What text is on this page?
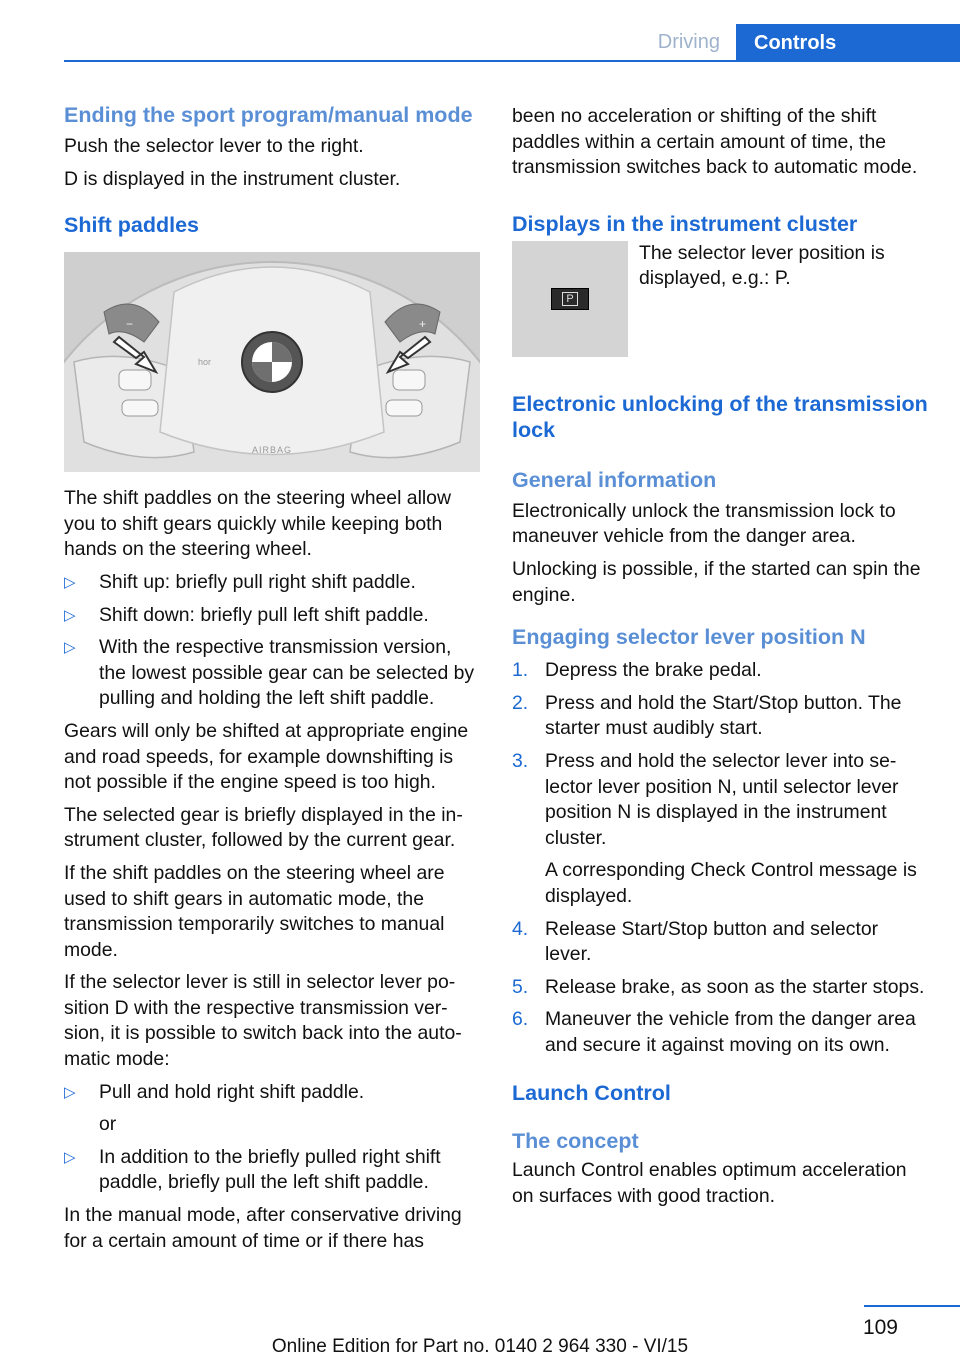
Driving	Controls
Ending the sport program/manual mode

Push the selector lever to the right.

D is displayed in the instrument cluster.

Shift paddles
−	+
hor
AIRBAG

The shift paddles on the steering wheel allow you to shift gears quickly while keeping both hands on the steering wheel.

▷ Shift up: briefly pull right shift paddle.
▷ Shift down: briefly pull left shift paddle.
▷ With the respective transmission version, the lowest possible gear can be selected by pulling and holding the left shift paddle.

Gears will only be shifted at appropriate engine and road speeds, for example downshifting is not possible if the engine speed is too high.

The selected gear is briefly displayed in the in-strument cluster, followed by the current gear.

If the shift paddles on the steering wheel are used to shift gears in automatic mode, the transmission temporarily switches to manual mode.

If the selector lever is still in selector lever po-sition D with the respective transmission ver-sion, it is possible to switch back into the auto-matic mode:

▷ Pull and hold right shift paddle.
or
▷ In addition to the briefly pulled right shift paddle, briefly pull the left shift paddle.

In the manual mode, after conservative driving for a certain amount of time or if there has

been no acceleration or shifting of the shift paddles within a certain amount of time, the transmission switches back to automatic mode.

Displays in the instrument cluster
P
The selector lever position is displayed, e.g.: P.
Electronic unlocking of the transmission lock
General information

Electronically unlock the transmission lock to maneuver vehicle from the danger area.

Unlocking is possible, if the started can spin the engine.

Engaging selector lever position N
1. Depress the brake pedal.
2. Press and hold the Start/Stop button. The starter must audibly start.
3. Press and hold the selector lever into se-lector lever position N, until selector lever position N is displayed in the instrument cluster.
A corresponding Check Control message is displayed.
4. Release Start/Stop button and selector lever.
5. Release brake, as soon as the starter stops.
6. Maneuver the vehicle from the danger area and secure it against moving on its own.
Launch Control
The concept

Launch Control enables optimum acceleration on surfaces with good traction.

109
Online Edition for Part no. 0140 2 964 330 - VI/15
